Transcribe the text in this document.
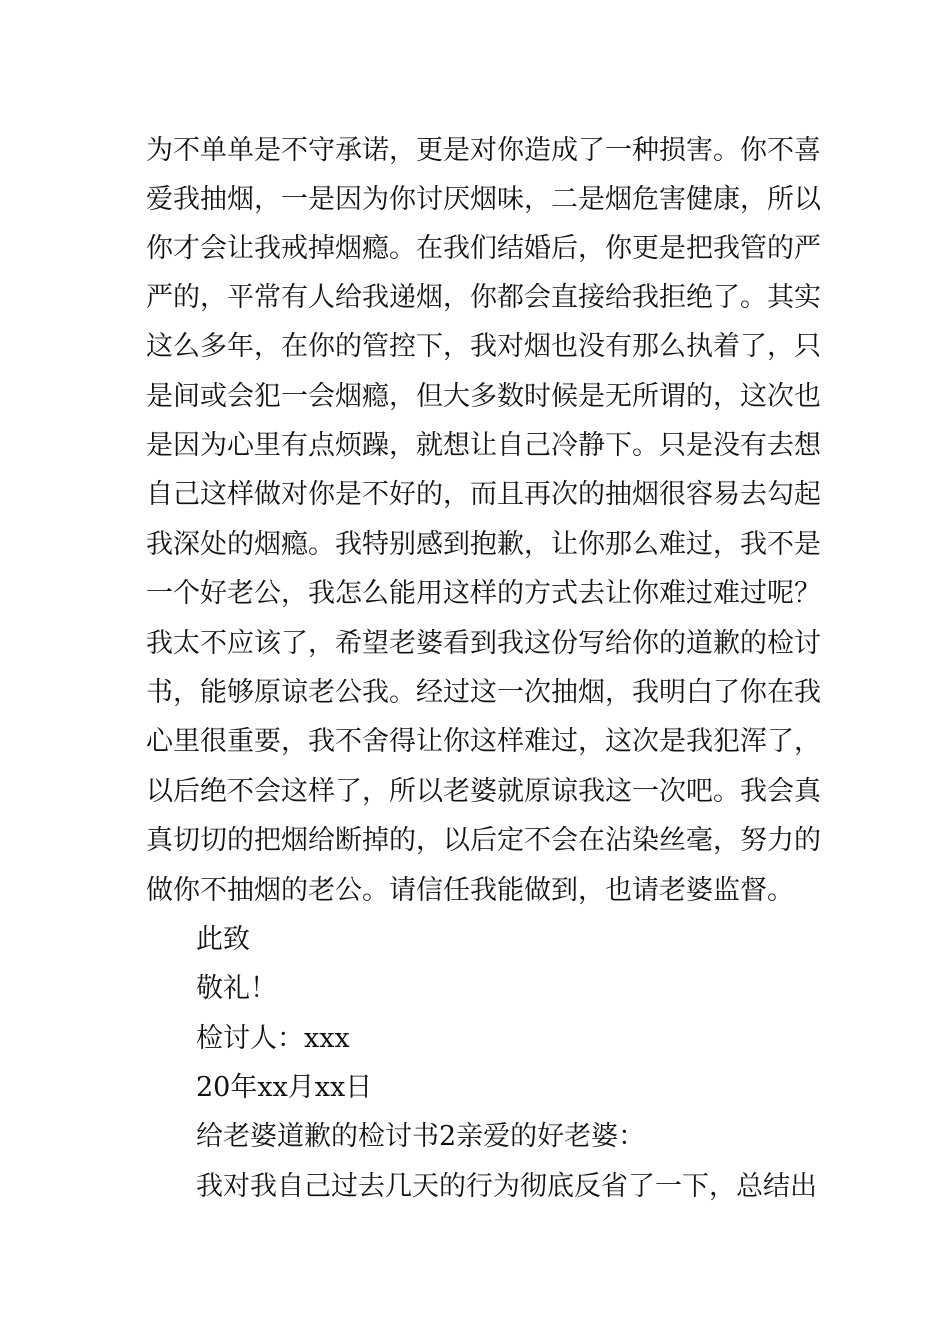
为不单单是不守承诺，更是对你造成了一种损害。你不喜
爱我抽烟，一是因为你讨厌烟味，二是烟危害健康，所以
你才会让我戒掉烟瘾。在我们结婚后，你更是把我管的严
严的，平常有人给我递烟，你都会直接给我拒绝了。其实
这么多年，在你的管控下，我对烟也没有那么执着了，只
是间或会犯一会烟瘾，但大多数时候是无所谓的，这次也
是因为心里有点烦躁，就想让自己冷静下。只是没有去想
自己这样做对你是不好的，而且再次的抽烟很容易去勾起
我深处的烟瘾。我特别感到抱歉，让你那么难过，我不是
一个好老公，我怎么能用这样的方式去让你难过难过呢？
我太不应该了，希望老婆看到我这份写给你的道歉的检讨
书，能够原谅老公我。经过这一次抽烟，我明白了你在我
心里很重要，我不舍得让你这样难过，这次是我犯浑了，
以后绝不会这样了，所以老婆就原谅我这一次吧。我会真
真切切的把烟给断掉的，以后定不会在沾染丝毫，努力的
做你不抽烟的老公。请信任我能做到，也请老婆监督。
此致
敬礼！
检讨人：xxx
20年xx月xx日
给老婆道歉的检讨书2亲爱的好老婆：
我对我自己过去几天的行为彻底反省了一下，总结出
